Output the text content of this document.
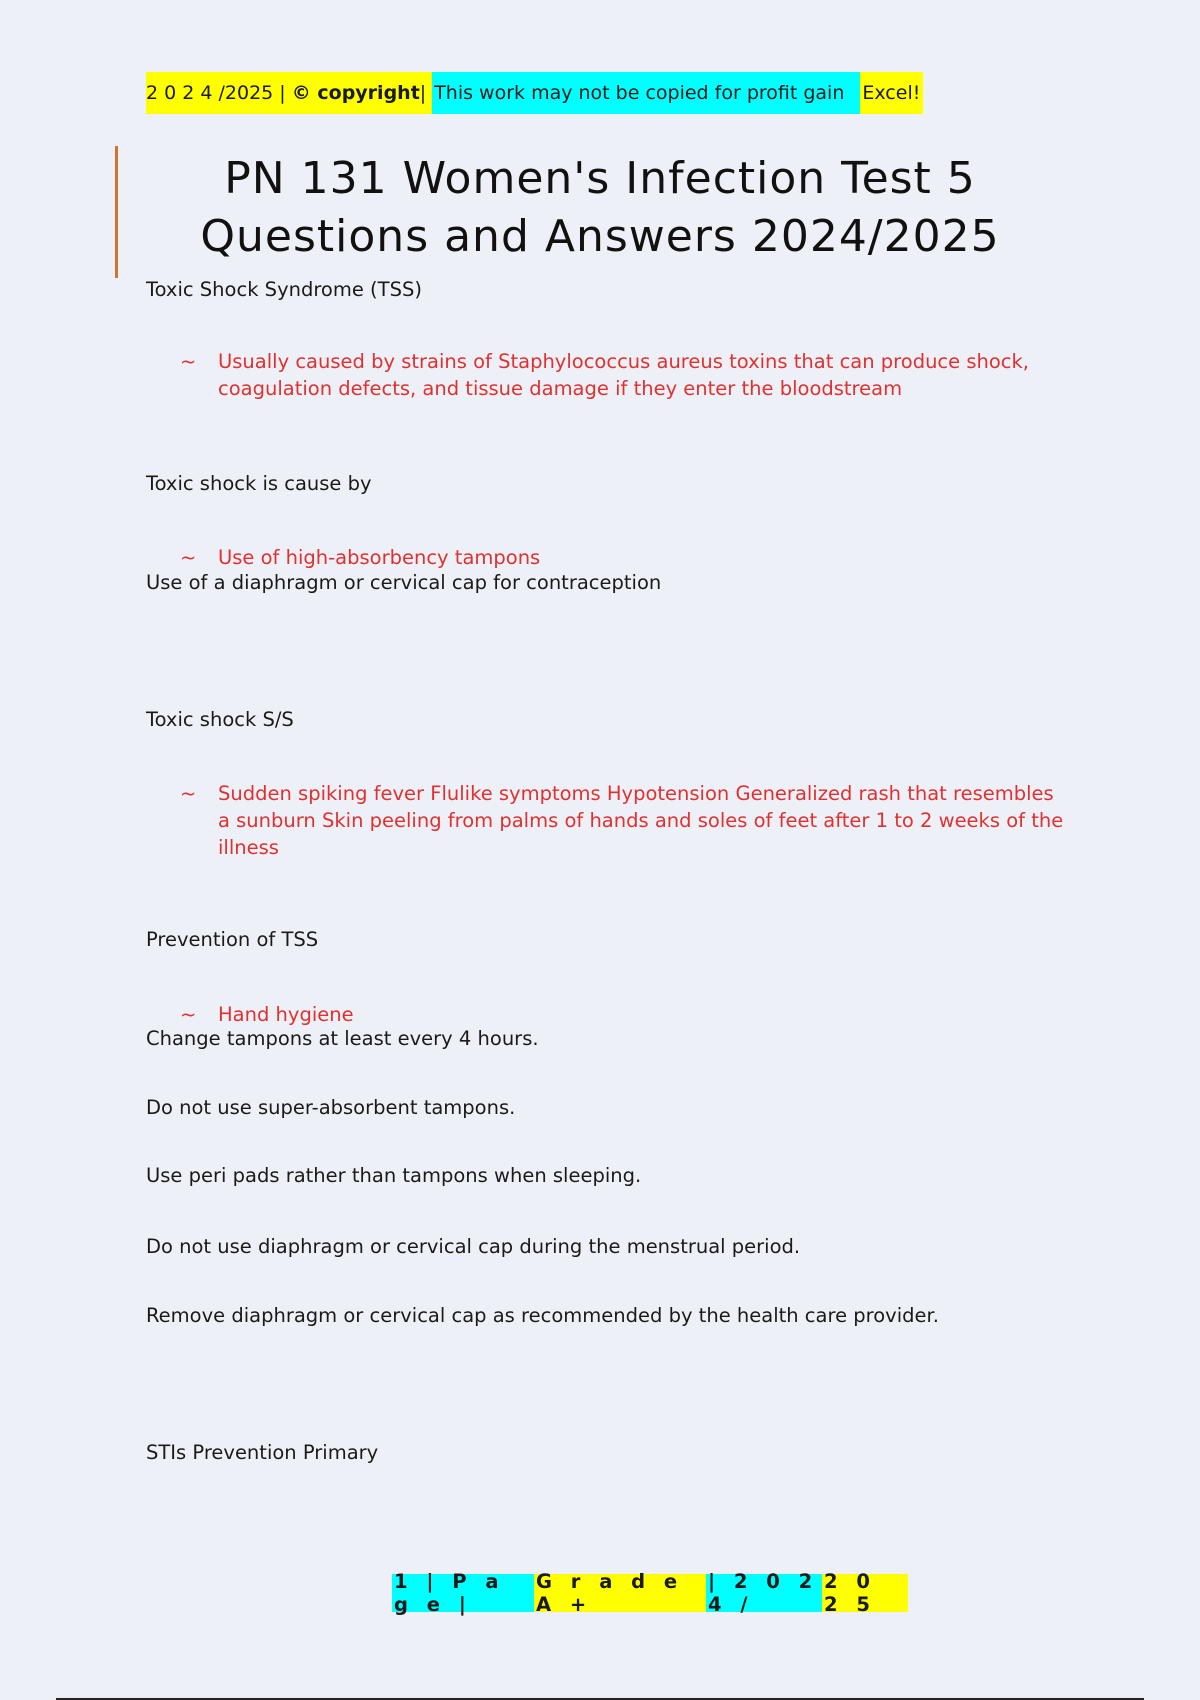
2 0 2 4 /2025 |
© copyright | This work may not be copied for profit gain Excel!
PN 131 Women's Infection Test 5
Questions and Answers 2024/2025
Toxic Shock Syndrome (TSS)
~	Usually caused by strains of Staphylococcus aureus toxins that can produce shock, coagulation defects, and tissue damage if they enter the bloodstream
Toxic shock is cause by
~	Use of high-absorbency tampons
Use of a diaphragm or cervical cap for contraception
Toxic shock S/S
~	Sudden spiking fever Flulike symptoms Hypotension Generalized rash that resembles a sunburn Skin peeling from palms of hands and soles of feet after 1 to 2 weeks of the illness
Prevention of TSS
~	Hand hygiene
Change tampons at least every 4 hours.
Do not use super-absorbent tampons.
Use peri pads rather than tampons when sleeping.
Do not use diaphragm or cervical cap during the menstrual period.
Remove diaphragm or cervical cap as recommended by the health care provider.
STIs Prevention Primary
1 | P a g e |
G r a d e A +
| 2 0 2 4 /
2 0 2 5
